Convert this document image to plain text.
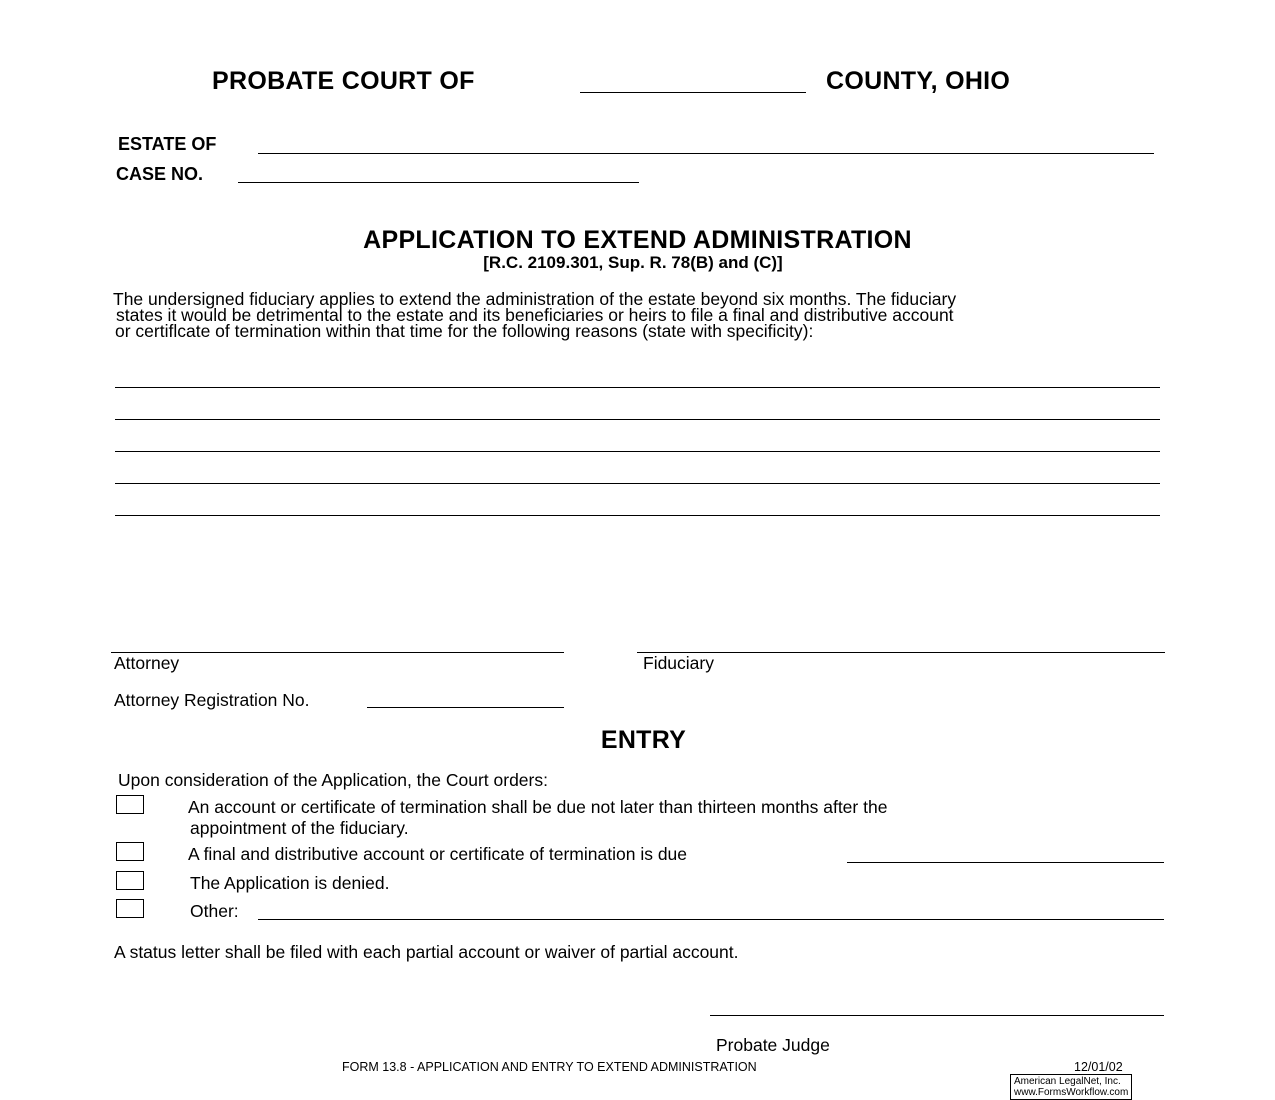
PROBATE COURT OF	COUNTY, OHIO
ESTATE OF
CASE NO.
APPLICATION TO EXTEND ADMINISTRATION
[R.C. 2109.301, Sup. R. 78(B) and (C)]
The undersigned fiduciary applies to extend the administration of the estate beyond six months. The fiduciary
states it would be detrimental to the estate and its beneficiaries or heirs to file a final and distributive account
or certiflcate of termination within that time for the following reasons (state with specificity):
Attorney	Fiduciary
Attorney Registration No.
ENTRY
Upon consideration of the Application, the Court orders:
An account or certificate of termination shall be due not later than thirteen months after the
appointment of the fiduciary.
A final and distributive account or certificate of termination is due
The Application is denied.
Other:
A status letter shall be filed with each partial account or waiver of partial account.
Probate Judge
FORM 13.8 - APPLICATION AND ENTRY TO EXTEND ADMINISTRATION	12/01/02
American LegalNet, Inc.
www.FormsWorkflow.com
